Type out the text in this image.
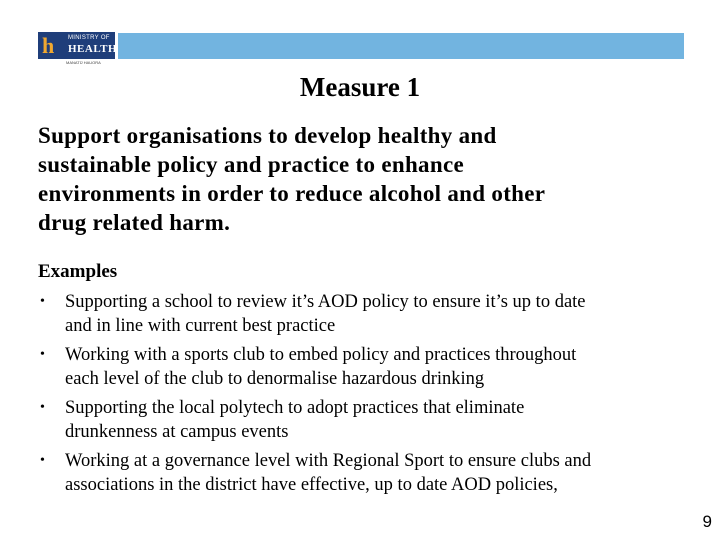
h MINISTRY OF
HEALTH
MANATŪ HAUORA
Measure 1
Support organisations to develop healthy and
sustainable policy and practice to enhance
environments in order to reduce alcohol and other
drug related harm.
Examples
• Supporting a school to review it’s AOD policy to ensure it’s up to date
and in line with current best practice
• Working with a sports club to embed policy and practices throughout
each level of the club to denormalise hazardous drinking
• Supporting the local polytech to adopt practices that eliminate
drunkenness at campus events
• Working at a governance level with Regional Sport to ensure clubs and
associations in the district have effective, up to date AOD policies,
9
